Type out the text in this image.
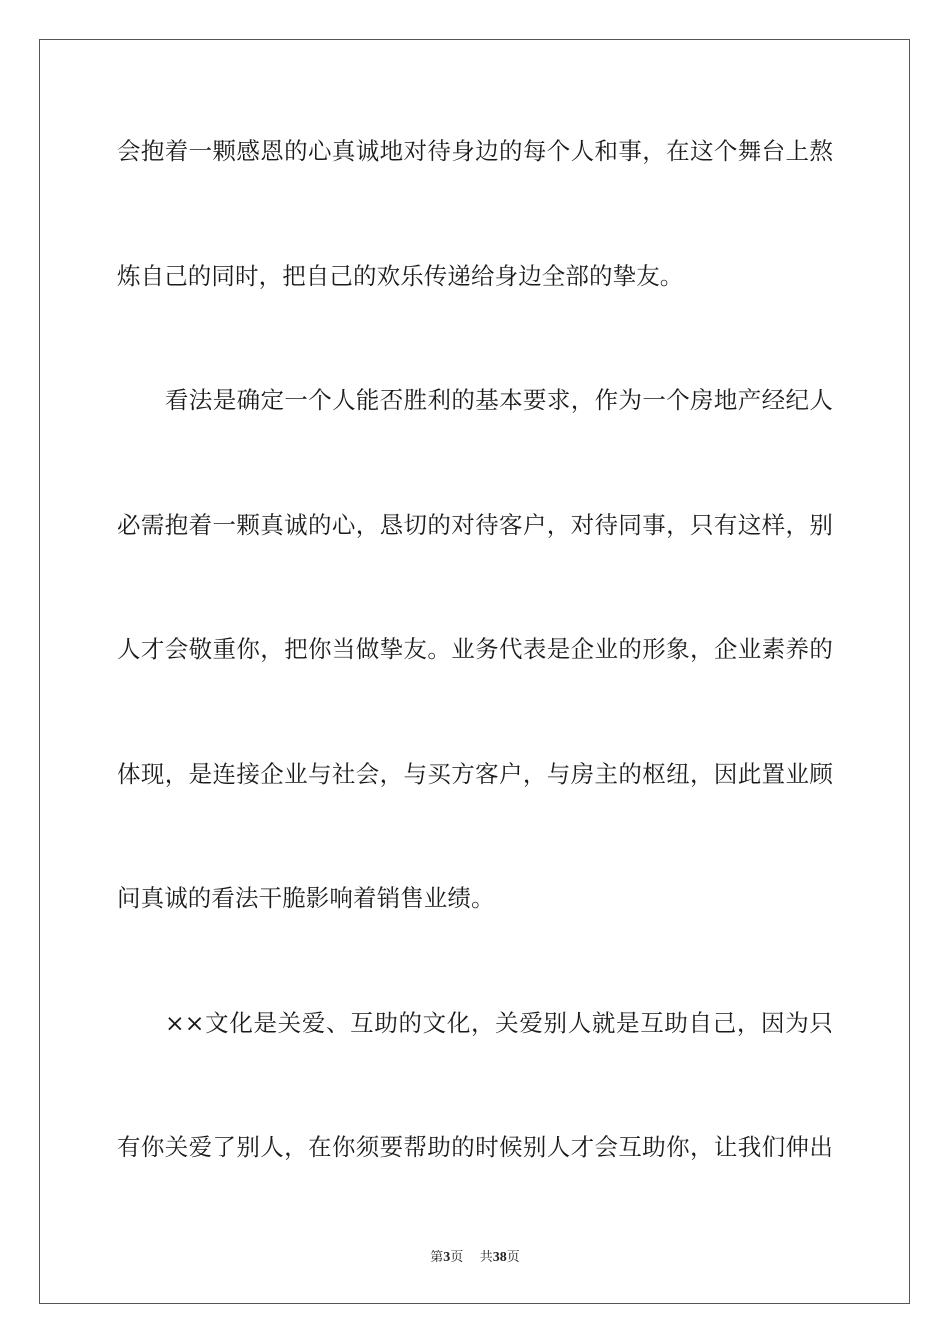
会抱着一颗感恩的心真诚地对待身边的每个人和事，在这个舞台上熬
炼自己的同时，把自己的欢乐传递给身边全部的挚友。
看法是确定一个人能否胜利的基本要求，作为一个房地产经纪人
必需抱着一颗真诚的心，恳切的对待客户，对待同事，只有这样，别
人才会敬重你，把你当做挚友。业务代表是企业的形象，企业素养的
体现，是连接企业与社会，与买方客户，与房主的枢纽，因此置业顾
问真诚的看法干脆影响着销售业绩。
××文化是关爱、互助的文化，关爱别人就是互助自己，因为只
有你关爱了别人，在你须要帮助的时候别人才会互助你，让我们伸出
第3页 共38页
